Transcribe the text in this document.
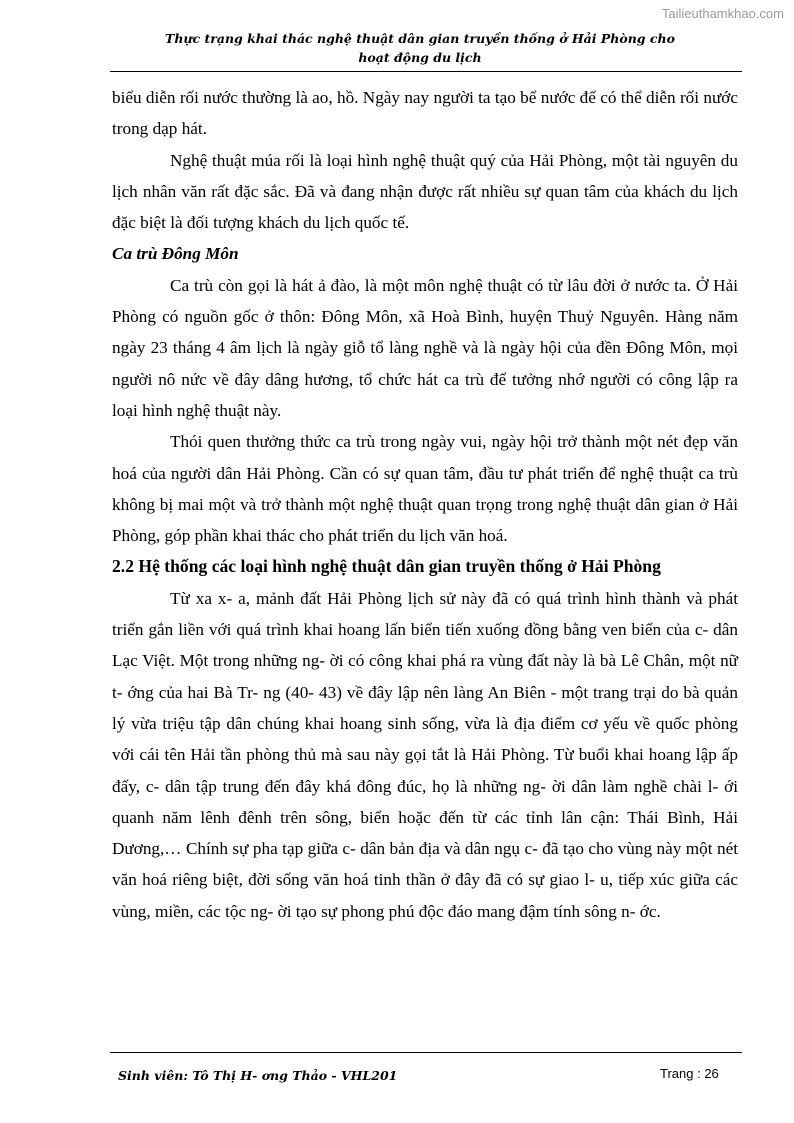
Tailieuthamkhao.com
Thực trạng khai thác nghệ thuật dân gian truyền thống ở Hải Phòng cho
hoạt động du lịch

biểu diễn rối nước thường là ao, hồ. Ngày nay người ta tạo bể nước để có thể diễn rối nước trong dạp hát.

Nghệ thuật múa rối là loại hình nghệ thuật quý của Hải Phòng, một tài nguyên du lịch nhân văn rất đặc sắc. Đã và đang nhận được rất nhiều sự quan tâm của khách du lịch đặc biệt là đối tượng khách du lịch quốc tế.

Ca trù Đông Môn

Ca trù còn gọi là hát ả đào, là một môn nghệ thuật có từ lâu đời ở nước ta. Ở Hải Phòng có nguồn gốc ở thôn: Đông Môn, xã Hoà Bình, huyện Thuỷ Nguyên. Hàng năm ngày 23 tháng 4 âm lịch là ngày giỗ tổ làng nghề và là ngày hội của đền Đông Môn, mọi người nô nức về đây dâng hương, tổ chức hát ca trù để tưởng nhớ người có công lập ra loại hình nghệ thuật này.

Thói quen thưởng thức ca trù trong ngày vui, ngày hội trở thành một nét đẹp văn hoá của người dân Hải Phòng. Cần có sự quan tâm, đầu tư phát triển để nghệ thuật ca trù không bị mai một và trở thành một nghệ thuật quan trọng trong nghệ thuật dân gian ở Hải Phòng, góp phần khai thác cho phát triển du lịch văn hoá.

2.2 Hệ thống các loại hình nghệ thuật dân gian truyền thống ở Hải Phòng

Từ xa x- a, mảnh đất Hải Phòng lịch sử này đã có quá trình hình thành và phát triển gắn liền với quá trình khai hoang lấn biển tiến xuống đồng bằng ven biển của c- dân Lạc Việt. Một trong những ng- ời có công khai phá ra vùng đất này là bà Lê Chân, một nữ t- ớng của hai Bà Tr- ng (40- 43) về đây lập nên làng An Biên - một trang trại do bà quản lý vừa triệu tập dân chúng khai hoang sinh sống, vừa là địa điểm cơ yếu về quốc phòng với cái tên Hải tần phòng thủ mà sau này gọi tắt là Hải Phòng. Từ buổi khai hoang lập ấp đấy, c- dân tập trung đến đây khá đông đúc, họ là những ng- ời dân làm nghề chài l- ới quanh năm lênh đênh trên sông, biển hoặc đến từ các tỉnh lân cận: Thái Bình, Hải Dương,… Chính sự pha tạp giữa c- dân bản địa và dân ngụ c- đã tạo cho vùng này một nét văn hoá riêng biệt, đời sống văn hoá tinh thần ở đây đã có sự giao l- u, tiếp xúc giữa các vùng, miền, các tộc ng- ời tạo sự phong phú độc đáo mang đậm tính sông n- ớc.

Sinh viên: Tô Thị H- ơng Thảo - VHL201	Trang : 26
